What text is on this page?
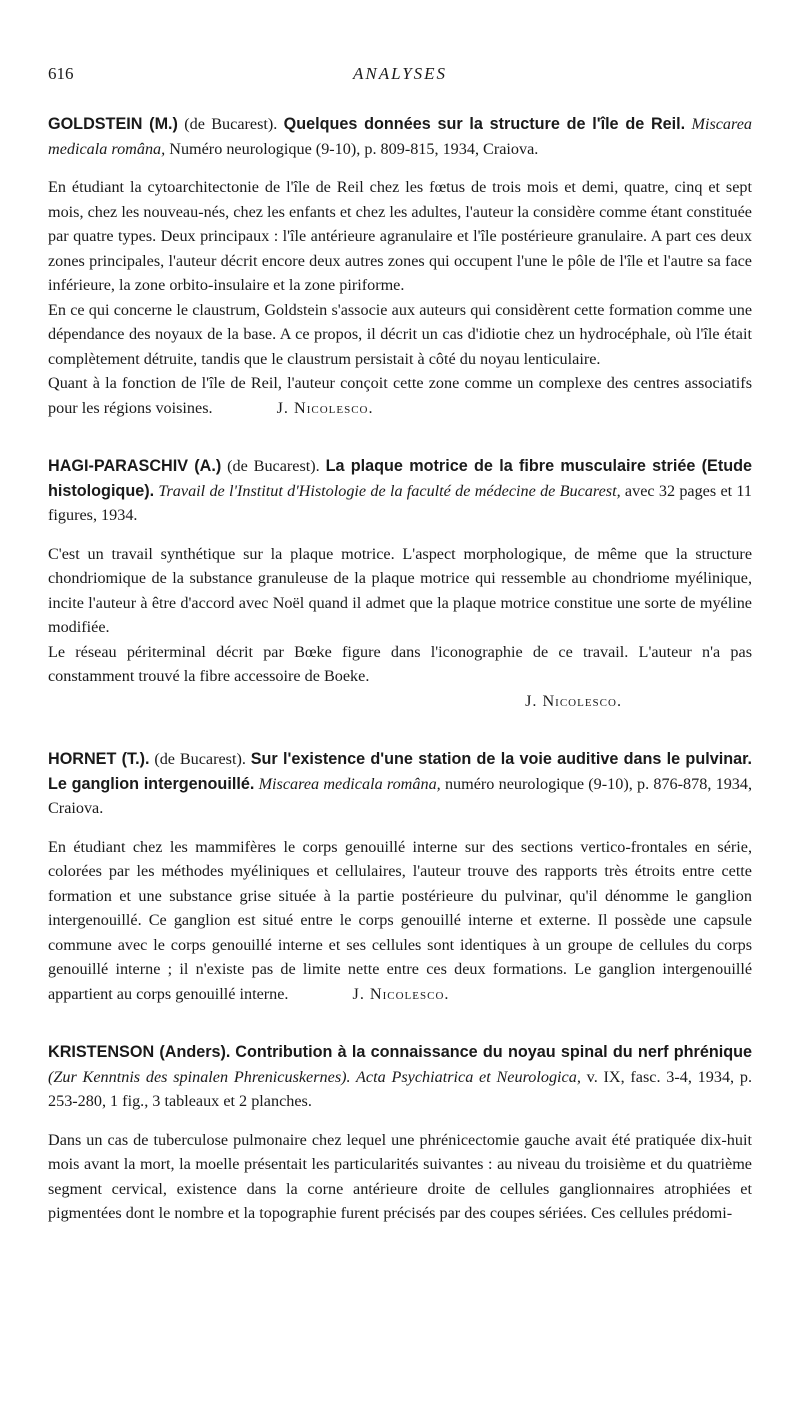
616	ANALYSES

GOLDSTEIN (M.) (de Bucarest). Quelques données sur la structure de l'île de Reil. Miscarea medicala româna, Numéro neurologique (9-10), p. 809-815, 1934, Craiova.

En étudiant la cytoarchitectonie de l'île de Reil chez les fœtus de trois mois et demi, quatre, cinq et sept mois, chez les nouveau-nés, chez les enfants et chez les adultes, l'auteur la considère comme étant constituée par quatre types. Deux principaux : l'île antérieure agranulaire et l'île postérieure granulaire. A part ces deux zones principales, l'auteur décrit encore deux autres zones qui occupent l'une le pôle de l'île et l'autre sa face inférieure, la zone orbito-insulaire et la zone piriforme.

En ce qui concerne le claustrum, Goldstein s'associe aux auteurs qui considèrent cette formation comme une dépendance des noyaux de la base. A ce propos, il décrit un cas d'idiotie chez un hydrocéphale, où l'île était complètement détruite, tandis que le claustrum persistait à côté du noyau lenticulaire.

Quant à la fonction de l'île de Reil, l'auteur conçoit cette zone comme un complexe des centres associatifs pour les régions voisines.	J. Nicolesco.

HAGI-PARASCHIV (A.) (de Bucarest). La plaque motrice de la fibre musculaire striée (Etude histologique). Travail de l'Institut d'Histologie de la faculté de médecine de Bucarest, avec 32 pages et 11 figures, 1934.

C'est un travail synthétique sur la plaque motrice. L'aspect morphologique, de même que la structure chondriomique de la substance granuleuse de la plaque motrice qui ressemble au chondriome myélinique, incite l'auteur à être d'accord avec Noël quand il admet que la plaque motrice constitue une sorte de myéline modifiée.

Le réseau périterminal décrit par Bœke figure dans l'iconographie de ce travail. L'auteur n'a pas constamment trouvé la fibre accessoire de Boeke.

J. Nicolesco.

HORNET (T.). (de Bucarest). Sur l'existence d'une station de la voie auditive dans le pulvinar. Le ganglion intergenouillé. Miscarea medicala româna, numéro neurologique (9-10), p. 876-878, 1934, Craiova.

En étudiant chez les mammifères le corps genouillé interne sur des sections vertico-frontales en série, colorées par les méthodes myéliniques et cellulaires, l'auteur trouve des rapports très étroits entre cette formation et une substance grise située à la partie postérieure du pulvinar, qu'il dénomme le ganglion intergenouillé. Ce ganglion est situé entre le corps genouillé interne et externe. Il possède une capsule commune avec le corps genouillé interne et ses cellules sont identiques à un groupe de cellules du corps genouillé interne ; il n'existe pas de limite nette entre ces deux formations. Le ganglion intergenouillé appartient au corps genouillé interne.	J. Nicolesco.

KRISTENSON (Anders). Contribution à la connaissance du noyau spinal du nerf phrénique (Zur Kenntnis des spinalen Phrenicuskernes). Acta Psychiatrica et Neurologica, v. IX, fasc. 3-4, 1934, p. 253-280, 1 fig., 3 tableaux et 2 planches.

Dans un cas de tuberculose pulmonaire chez lequel une phrénicectomie gauche avait été pratiquée dix-huit mois avant la mort, la moelle présentait les particularités suivantes : au niveau du troisième et du quatrième segment cervical, existence dans la corne antérieure droite de cellules ganglionnaires atrophiées et pigmentées dont le nombre et la topographie furent précisés par des coupes sériées. Ces cellules prédomi-
